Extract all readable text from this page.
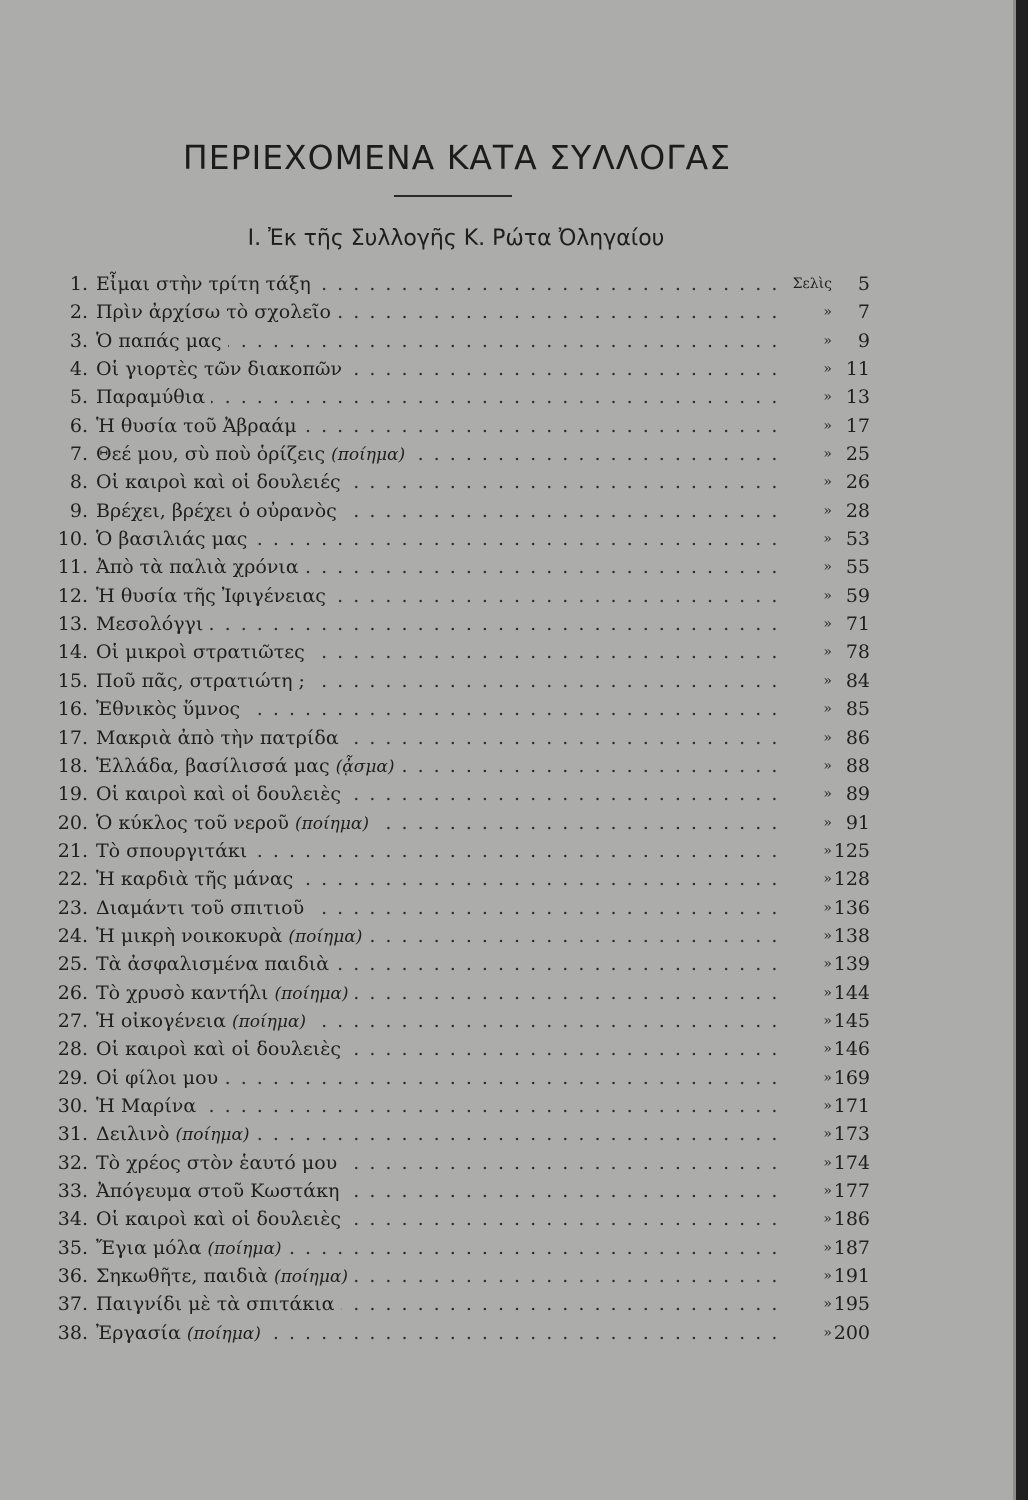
ΠΕΡΙΕΧΟΜΕΝΑ ΚΑΤΑ ΣΥΛΛΟΓΑΣ
Ι. Ἐκ τῆς Συλλογῆς Κ. Ρώτα Ὀληγαίου
1. Εἶμαι στὴν τρίτη τάξη . . .	Σελὶς	5
2. Πρὶν ἀρχίσω τὸ σχολεῖο . . .	»	7
3. Ὁ παπάς μας . . .	»	9
4. Οἱ γιορτὲς τῶν διακοπῶν . . .	» 11
5. Παραμύθια . . .	» 13
6. Ἡ θυσία τοῦ Ἀβραάμ . . .	» 17
7. Θεέ μου, σὺ ποὺ ὁρίζεις (ποίημα) . . .	» 25
8. Οἱ καιροὶ καὶ οἱ δουλειές . . .	» 26
9. Βρέχει, βρέχει ὁ οὐρανὸς . . .	» 28
10. Ὁ βασιλιάς μας . . .	» 53
11. Ἀπὸ τὰ παλιὰ χρόνια . . .	» 55
12. Ἡ θυσία τῆς Ἰφιγένειας . . .	» 59
13. Μεσολόγγι . . .	» 71
14. Οἱ μικροὶ στρατιῶτες . . .	» 78
15. Ποῦ πᾶς, στρατιώτη ; . . .	» 84
16. Ἐθνικὸς ὕμνος . . .	» 85
17. Μακριὰ ἀπὸ τὴν πατρίδα . . .	» 86
18. Ἑλλάδα, βασίλισσά μας (ᾆσμα) . . .	» 88
19. Οἱ καιροὶ καὶ οἱ δουλειὲς . . .	» 89
20. Ὁ κύκλος τοῦ νεροῦ (ποίημα) . . .	» 91
21. Τὸ σπουργιτάκι . . .	» 125
22. Ἡ καρδιὰ τῆς μάνας . . .	» 128
23. Διαμάντι τοῦ σπιτιοῦ . . .	» 136
24. Ἡ μικρὴ νοικοκυρὰ (ποίημα) . . .	» 138
25. Τὰ ἀσφαλισμένα παιδιὰ . . .	» 139
26. Τὸ χρυσὸ καντήλι (ποίημα) . . .	» 144
27. Ἡ οἰκογένεια (ποίημα) . . .	» 145
28. Οἱ καιροὶ καὶ οἱ δουλειὲς . . .	» 146
29. Οἱ φίλοι μου . . .	» 169
30. Ἡ Μαρίνα . . .	» 171
31. Δειλινὸ (ποίημα) . . .	» 173
32. Τὸ χρέος στὸν ἑαυτό μου . . .	» 174
33. Ἀπόγευμα στοῦ Κωστάκη . . .	» 177
34. Οἱ καιροὶ καὶ οἱ δουλειὲς . . .	» 186
35. Ἔγια μόλα (ποίημα) . . .	» 187
36. Σηκωθῆτε, παιδιὰ (ποίημα) . . .	» 191
37. Παιγνίδι μὲ τὰ σπιτάκια . . .	» 195
38. Ἐργασία (ποίημα) . . .	» 200
